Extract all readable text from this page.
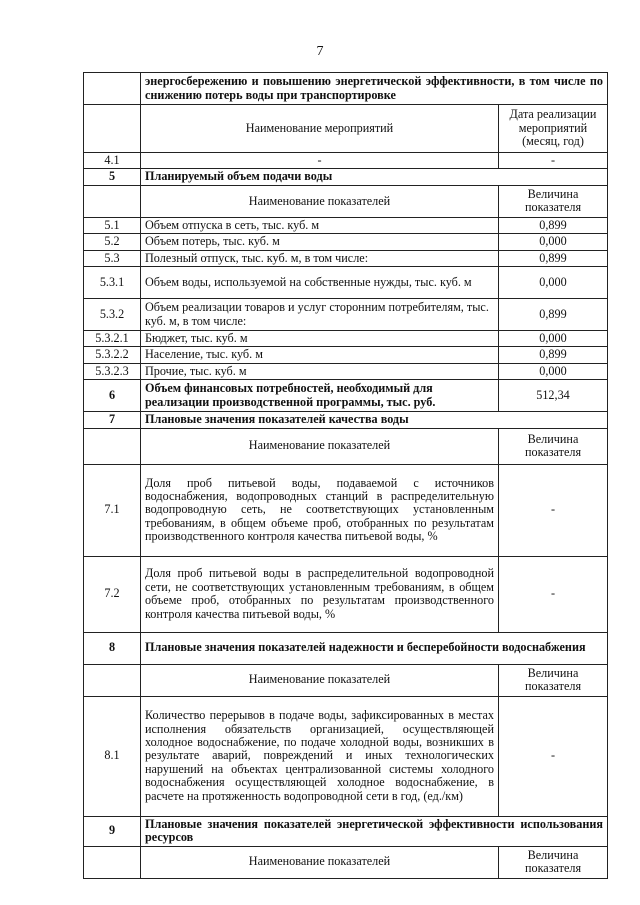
7
	энергосбережению и повышению энергетической эффективности, в том числе по снижению потерь воды при транспортировке	
	Наименование мероприятий	Дата реализации мероприятий (месяц, год)
4.1	-	-
5	Планируемый объем подачи воды	
	Наименование показателей	Величина показателя
5.1	Объем отпуска в сеть, тыс. куб. м	0,899
5.2	Объем потерь, тыс. куб. м	0,000
5.3	Полезный отпуск, тыс. куб. м, в том числе:	0,899
5.3.1	Объем воды, используемой на собственные нужды, тыс. куб. м	0,000
5.3.2	Объем реализации товаров и услуг сторонним потребителям, тыс. куб. м, в том числе:	0,899
5.3.2.1	Бюджет, тыс. куб. м	0,000
5.3.2.2	Население, тыс. куб. м	0,899
5.3.2.3	Прочие, тыс. куб. м	0,000
6	Объем финансовых потребностей, необходимый для реализации производственной программы, тыс. руб.	512,34
7	Плановые значения показателей качества воды	
	Наименование показателей	Величина показателя
7.1	Доля проб питьевой воды, подаваемой с источников водоснабжения, водопроводных станций в распределительную водопроводную сеть, не соответствующих установленным требованиям, в общем объеме проб, отобранных по результатам производственного контроля качества питьевой воды, %	-
7.2	Доля проб питьевой воды в распределительной водопроводной сети, не соответствующих установленным требованиям, в общем объеме проб, отобранных по результатам производственного контроля качества питьевой воды, %	-
8	Плановые значения показателей надежности и бесперебойности водоснабжения	
	Наименование показателей	Величина показателя
8.1	Количество перерывов в подаче воды, зафиксированных в местах исполнения обязательств организацией, осуществляющей холодное водоснабжение, по подаче холодной воды, возникших в результате аварий, повреждений и иных технологических нарушений на объектах централизованной системы холодного водоснабжения осуществляющей холодное водоснабжение, в расчете на протяженность водопроводной сети в год, (ед./км)	-
9	Плановые значения показателей энергетической эффективности использования ресурсов	
	Наименование показателей	Величина показателя
